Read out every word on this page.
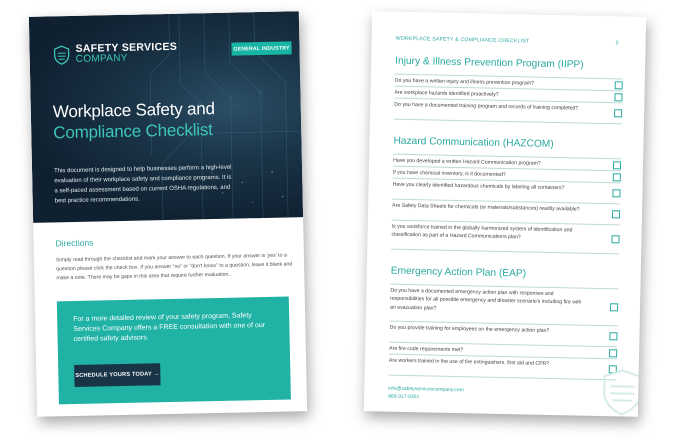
SAFETY SERVICES
COMPANY
GENERAL INDUSTRY
Workplace Safety and
Compliance Checklist
This document is designed to help businesses perform a high-level evaluation of their workplace safety and compliance programs. It is a self-paced assessment based on current OSHA regulations, and best practice recommendations.
Directions
Simply read through the checklist and mark your answer to each question. If your answer is 'yes' to a question please click the check box. If you answer "no" or "don't know" to a question, leave it blank and make a note. There may be gaps in this area that require further evaluation.
For a more detailed review of your safety program, Safety Services Company offers a FREE consultation with one of our certified safety advisors.
SCHEDULE YOURS TODAY →
WORKPLACE SAFETY & COMPLIANCE CHECKLIST	2
Injury & Illness Prevention Program (IIPP)
Do you have a written injury and illness prevention program?
Are workplace hazards identified proactively?
Do you have a documented training program and records of training completed?
Hazard Communication (HAZCOM)
Have you developed a written Hazard Communication program?
If you have chemical inventory, is it documented?
Have you clearly identified hazardous chemicals by labeling all containers?
Are Safety Data Sheets for chemicals (or materials/substances) readily available?
Is you workforce trained in the globally harmonized system of identification and classification as part of a Hazard Communications plan?
Emergency Action Plan (EAP)
Do you have a documented emergency action plan with responses and responsibilities for all possible emergency and disaster scenario's including fire with an evacuation plan?
Do you provide training for employees on the emergency action plan?
Are fire code requirements met?
Are workers trained in the use of fire extinguishers, first aid and CPR?
info@safetyservicescompany.com
866-317-0351
